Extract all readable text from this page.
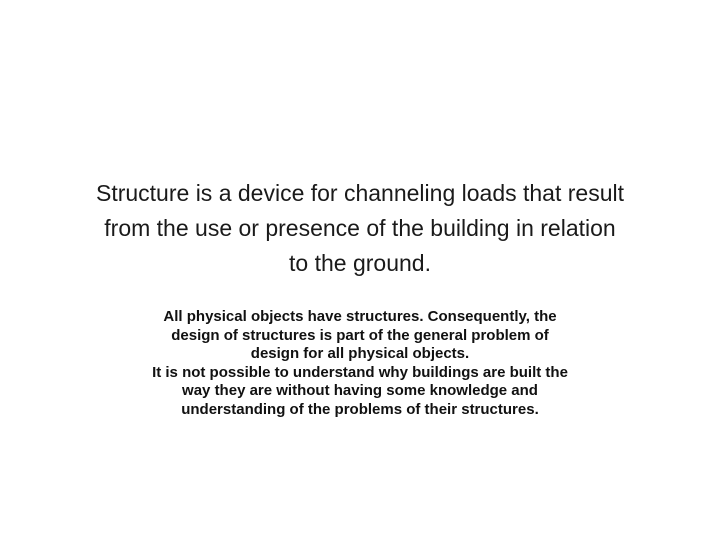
Structure is a device for channeling loads that result
from the use or presence of the building in relation
to the ground.
All physical objects have structures. Consequently, the
design of structures is part of the general problem of
design for all physical objects.
It is not possible to understand why buildings are built the
way they are without having some knowledge and
understanding of the problems of their structures.
